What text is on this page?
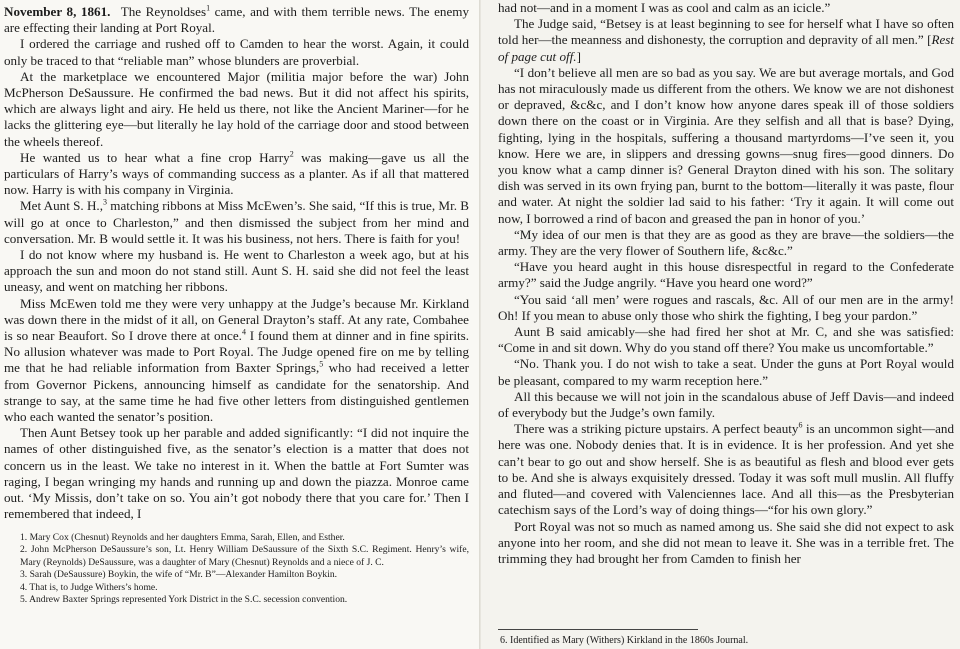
November 8, 1861. The Reynoldses$^1$ came, and with them terrible news. The enemy are effecting their landing at Port Royal.

I ordered the carriage and rushed off to Camden to hear the worst. Again, it could only be traced to that “reliable man” whose blunders are proverbial.

At the marketplace we encountered Major (militia major before the war) John McPherson DeSaussure. He confirmed the bad news. But it did not affect his spirits, which are always light and airy. He held us there, not like the Ancient Mariner—for he lacks the glittering eye—but literally he lay hold of the carriage door and stood between the wheels thereof.

He wanted us to hear what a fine crop Harry$^2$ was making—gave us all the particulars of Harry’s ways of commanding success as a planter. As if all that mattered now. Harry is with his company in Virginia.

Met Aunt S. H.,$^3$ matching ribbons at Miss McEwen’s. She said, “If this is true, Mr. B will go at once to Charleston,” and then dismissed the subject from her mind and conversation. Mr. B would settle it. It was his business, not hers. There is faith for you!

I do not know where my husband is. He went to Charleston a week ago, but at his approach the sun and moon do not stand still. Aunt S. H. said she did not feel the least uneasy, and went on matching her ribbons.

Miss McEwen told me they were very unhappy at the Judge’s because Mr. Kirkland was down there in the midst of it all, on General Drayton’s staff. At any rate, Combahee is so near Beaufort. So I drove there at once.$^4$ I found them at dinner and in fine spirits. No allusion whatever was made to Port Royal. The Judge opened fire on me by telling me that he had reliable information from Baxter Springs,$^5$ who had received a letter from Governor Pickens, announcing himself as candidate for the senatorship. And strange to say, at the same time he had five other letters from distinguished gentlemen who each wanted the senator’s position.

Then Aunt Betsey took up her parable and added significantly: “I did not inquire the names of other distinguished five, as the senator’s election is a matter that does not concern us in the least. We take no interest in it. When the battle at Fort Sumter was raging, I began wringing my hands and running up and down the piazza. Monroe came out. ‘My Missis, don’t take on so. You ain’t got nobody there that you care for.’ Then I remembered that indeed, I

1. Mary Cox (Chesnut) Reynolds and her daughters Emma, Sarah, Ellen, and Esther.
2. John McPherson DeSaussure’s son, Lt. Henry William DeSaussure of the Sixth S.C. Regiment. Henry’s wife, Mary (Reynolds) DeSaussure, was a daughter of Mary (Chesnut) Reynolds and a niece of J. C.
3. Sarah (DeSaussure) Boykin, the wife of “Mr. B”—Alexander Hamilton Boykin.
4. That is, to Judge Withers’s home.
5. Andrew Baxter Springs represented York District in the S.C. secession convention.

had not—and in a moment I was as cool and calm as an icicle.”

The Judge said, “Betsey is at least beginning to see for herself what I have so often told her—the meanness and dishonesty, the corruption and depravity of all men.” [Rest of page cut off.]

“I don’t believe all men are so bad as you say. We are but average mortals, and God has not miraculously made us different from the others. We know we are not dishonest or depraved, &c&c, and I don’t know how anyone dares speak ill of those soldiers down there on the coast or in Virginia. Are they selfish and all that is base? Dying, fighting, lying in the hospitals, suffering a thousand martyrdoms—I’ve seen it, you know. Here we are, in slippers and dressing gowns—snug fires—good dinners. Do you know what a camp dinner is? General Drayton dined with his son. The solitary dish was served in its own frying pan, burnt to the bottom—literally it was paste, flour and water. At night the soldier lad said to his father: ‘Try it again. It will come out now, I borrowed a rind of bacon and greased the pan in honor of you.’

“My idea of our men is that they are as good as they are brave—the soldiers—the army. They are the very flower of Southern life, &c&c.”

“Have you heard aught in this house disrespectful in regard to the Confederate army?” said the Judge angrily. “Have you heard one word?”

“You said ‘all men’ were rogues and rascals, &c. All of our men are in the army! Oh! If you mean to abuse only those who shirk the fighting, I beg your pardon.”

Aunt B said amicably—she had fired her shot at Mr. C, and she was satisfied: “Come in and sit down. Why do you stand off there? You make us uncomfortable.”

“No. Thank you. I do not wish to take a seat. Under the guns at Port Royal would be pleasant, compared to my warm reception here.”

All this because we will not join in the scandalous abuse of Jeff Davis—and indeed of everybody but the Judge’s own family.

There was a striking picture upstairs. A perfect beauty$^6$ is an uncommon sight—and here was one. Nobody denies that. It is in evidence. It is her profession. And yet she can’t bear to go out and show herself. She is as beautiful as flesh and blood ever gets to be. And she is always exquisitely dressed. Today it was soft mull muslin. All fluffy and fluted—and covered with Valenciennes lace. And all this—as the Presbyterian catechism says of the Lord’s way of doing things—“for his own glory.”

Port Royal was not so much as named among us. She said she did not expect to ask anyone into her room, and she did not mean to leave it. She was in a terrible fret. The trimming they had brought her from Camden to finish her

6. Identified as Mary (Withers) Kirkland in the 1860s Journal.
